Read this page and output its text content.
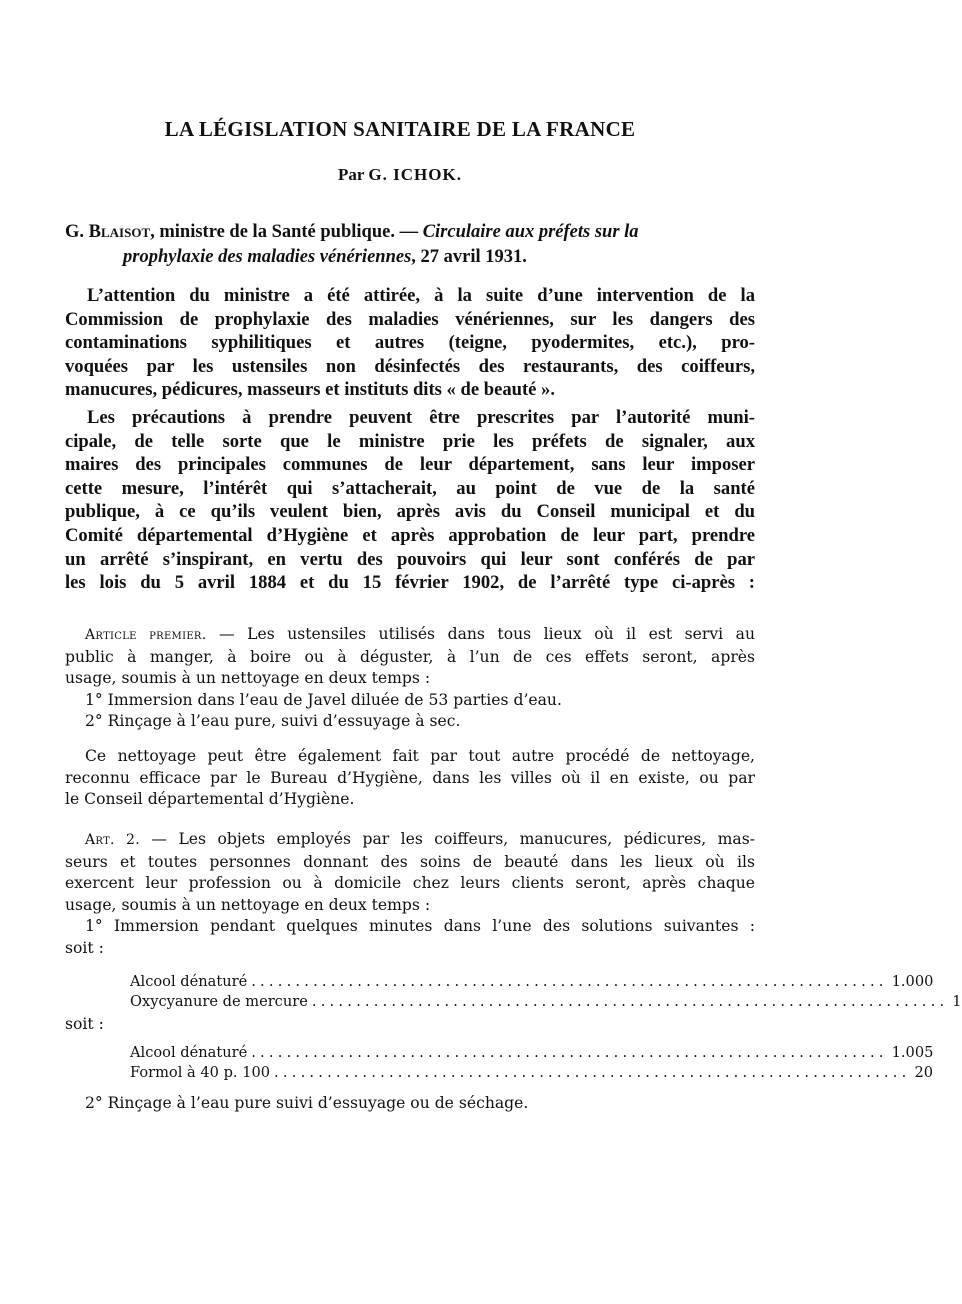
LA LÉGISLATION SANITAIRE DE LA FRANCE

Par G. ICHOK.

G. Blaisot, ministre de la Santé publique. — Circulaire aux préfets sur la
prophylaxie des maladies vénériennes, 27 avril 1931.

L’attention du ministre a été attirée, à la suite d’une intervention de la
Commission de prophylaxie des maladies vénériennes, sur les dangers des
contaminations syphilitiques et autres (teigne, pyodermites, etc.), pro-
voquées par les ustensiles non désinfectés des restaurants, des coiffeurs,
manucures, pédicures, masseurs et instituts dits « de beauté ».
Les précautions à prendre peuvent être prescrites par l’autorité muni-
cipale, de telle sorte que le ministre prie les préfets de signaler, aux
maires des principales communes de leur département, sans leur imposer
cette mesure, l’intérêt qui s’attacherait, au point de vue de la santé
publique, à ce qu’ils veulent bien, après avis du Conseil municipal et du
Comité départemental d’Hygiène et après approbation de leur part, prendre
un arrêté s’inspirant, en vertu des pouvoirs qui leur sont conférés de par
les lois du 5 avril 1884 et du 15 février 1902, de l’arrêté type ci-après :
Article premier. — Les ustensiles utilisés dans tous lieux où il est servi au
public à manger, à boire ou à déguster, à l’un de ces effets seront, après
usage, soumis à un nettoyage en deux temps :
1° Immersion dans l’eau de Javel diluée de 53 parties d’eau.
2° Rinçage à l’eau pure, suivi d’essuyage à sec.
Ce nettoyage peut être également fait par tout autre procédé de nettoyage,
reconnu efficace par le Bureau d’Hygiène, dans les villes où il en existe, ou par
le Conseil départemental d’Hygiène.
Art. 2. — Les objets employés par les coiffeurs, manucures, pédicures, mas-
seurs et toutes personnes donnant des soins de beauté dans les lieux où ils
exercent leur profession ou à domicile chez leurs clients seront, après chaque
usage, soumis à un nettoyage en deux temps :
1° Immersion pendant quelques minutes dans l’une des solutions suivantes :
soit :
Alcool dénaturé ........................................................................ 1.000
Oxycyanure de mercure ........................................................................ 1
soit :
Alcool dénaturé ........................................................................ 1.005
Formol à 40 p. 100 ........................................................................ 20
2° Rinçage à l’eau pure suivi d’essuyage ou de séchage.
